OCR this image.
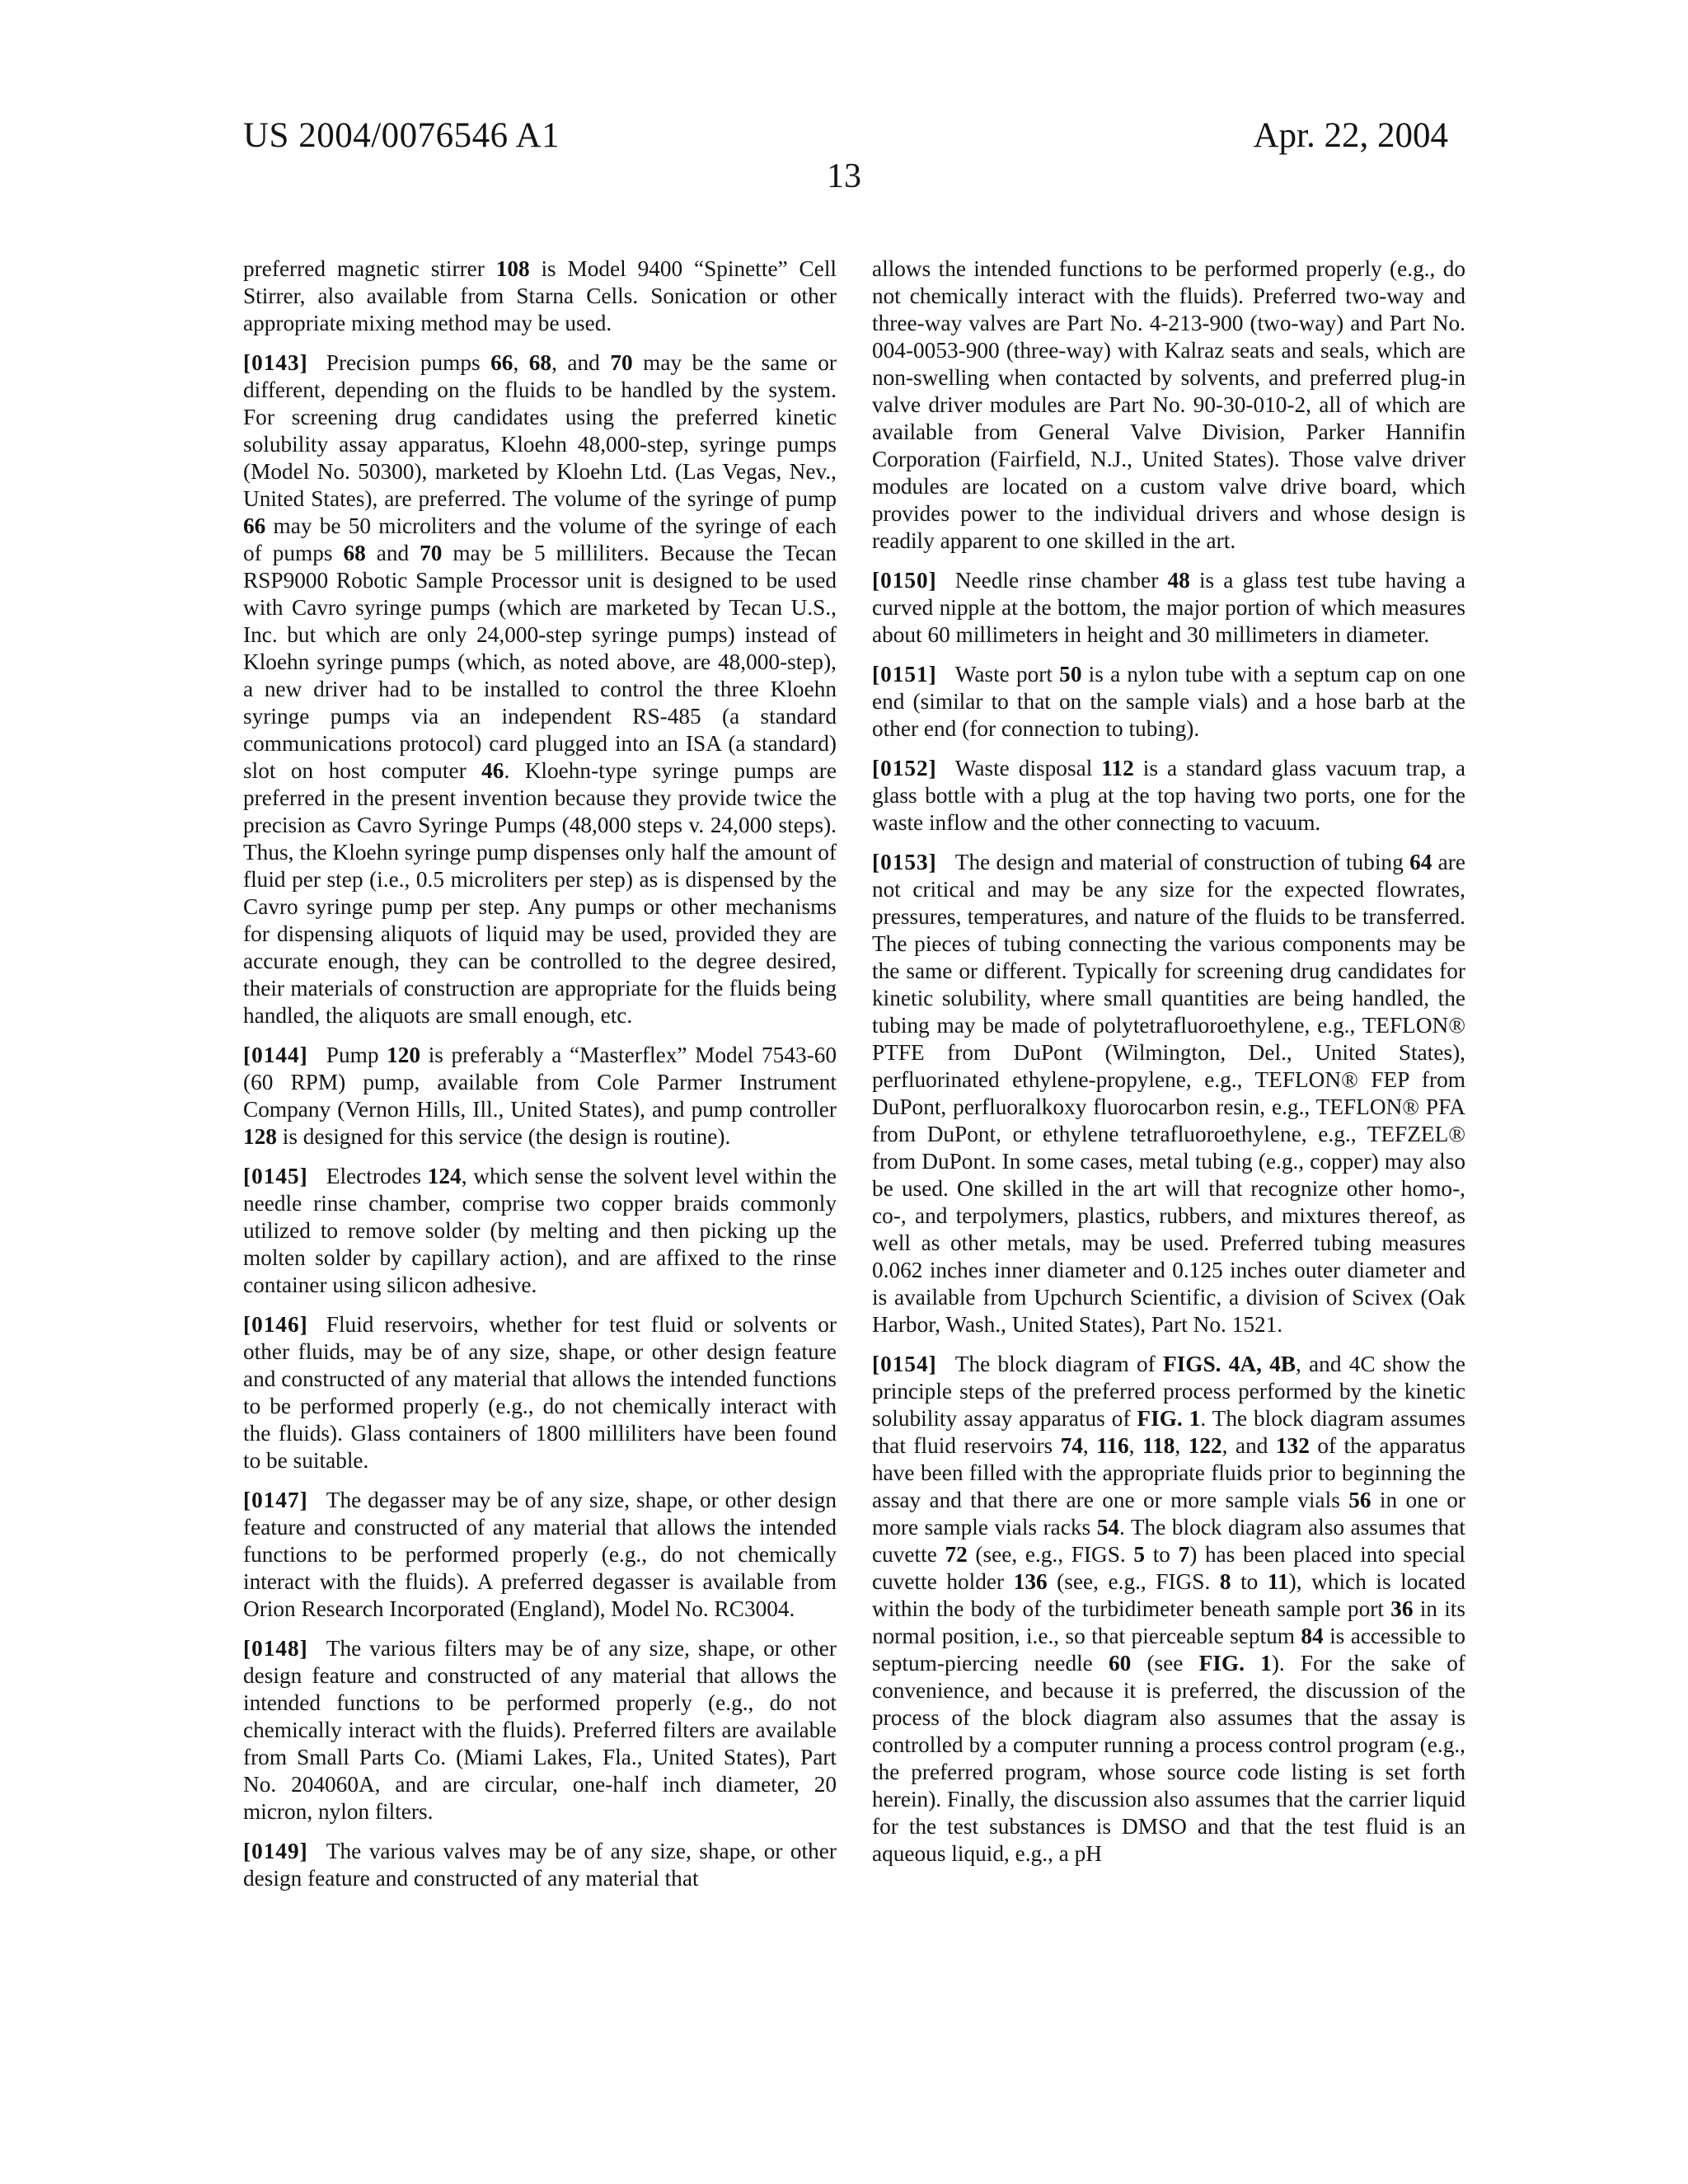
US 2004/0076546 A1	Apr. 22, 2004
13

preferred magnetic stirrer 108 is Model 9400 “Spinette” Cell Stirrer, also available from Starna Cells. Sonication or other appropriate mixing method may be used.

[0143] Precision pumps 66, 68, and 70 may be the same or different, depending on the fluids to be handled by the system. For screening drug candidates using the preferred kinetic solubility assay apparatus, Kloehn 48,000-step, syringe pumps (Model No. 50300), marketed by Kloehn Ltd. (Las Vegas, Nev., United States), are preferred. The volume of the syringe of pump 66 may be 50 microliters and the volume of the syringe of each of pumps 68 and 70 may be 5 milliliters. Because the Tecan RSP9000 Robotic Sample Processor unit is designed to be used with Cavro syringe pumps (which are marketed by Tecan U.S., Inc. but which are only 24,000-step syringe pumps) instead of Kloehn syringe pumps (which, as noted above, are 48,000-step), a new driver had to be installed to control the three Kloehn syringe pumps via an independent RS-485 (a standard communications protocol) card plugged into an ISA (a standard) slot on host computer 46. Kloehn-type syringe pumps are preferred in the present invention because they provide twice the precision as Cavro Syringe Pumps (48,000 steps v. 24,000 steps). Thus, the Kloehn syringe pump dispenses only half the amount of fluid per step (i.e., 0.5 microliters per step) as is dispensed by the Cavro syringe pump per step. Any pumps or other mechanisms for dispensing aliquots of liquid may be used, provided they are accurate enough, they can be controlled to the degree desired, their materials of construction are appropriate for the fluids being handled, the aliquots are small enough, etc.

[0144] Pump 120 is preferably a “Masterflex” Model 7543-60 (60 RPM) pump, available from Cole Parmer Instrument Company (Vernon Hills, Ill., United States), and pump controller 128 is designed for this service (the design is routine).

[0145] Electrodes 124, which sense the solvent level within the needle rinse chamber, comprise two copper braids commonly utilized to remove solder (by melting and then picking up the molten solder by capillary action), and are affixed to the rinse container using silicon adhesive.

[0146] Fluid reservoirs, whether for test fluid or solvents or other fluids, may be of any size, shape, or other design feature and constructed of any material that allows the intended functions to be performed properly (e.g., do not chemically interact with the fluids). Glass containers of 1800 milliliters have been found to be suitable.

[0147] The degasser may be of any size, shape, or other design feature and constructed of any material that allows the intended functions to be performed properly (e.g., do not chemically interact with the fluids). A preferred degasser is available from Orion Research Incorporated (England), Model No. RC3004.

[0148] The various filters may be of any size, shape, or other design feature and constructed of any material that allows the intended functions to be performed properly (e.g., do not chemically interact with the fluids). Preferred filters are available from Small Parts Co. (Miami Lakes, Fla., United States), Part No. 204060A, and are circular, one-half inch diameter, 20 micron, nylon filters.

[0149] The various valves may be of any size, shape, or other design feature and constructed of any material that

allows the intended functions to be performed properly (e.g., do not chemically interact with the fluids). Preferred two-way and three-way valves are Part No. 4-213-900 (two-way) and Part No. 004-0053-900 (three-way) with Kalraz seats and seals, which are non-swelling when contacted by solvents, and preferred plug-in valve driver modules are Part No. 90-30-010-2, all of which are available from General Valve Division, Parker Hannifin Corporation (Fairfield, N.J., United States). Those valve driver modules are located on a custom valve drive board, which provides power to the individual drivers and whose design is readily apparent to one skilled in the art.

[0150] Needle rinse chamber 48 is a glass test tube having a curved nipple at the bottom, the major portion of which measures about 60 millimeters in height and 30 millimeters in diameter.

[0151] Waste port 50 is a nylon tube with a septum cap on one end (similar to that on the sample vials) and a hose barb at the other end (for connection to tubing).

[0152] Waste disposal 112 is a standard glass vacuum trap, a glass bottle with a plug at the top having two ports, one for the waste inflow and the other connecting to vacuum.

[0153] The design and material of construction of tubing 64 are not critical and may be any size for the expected flowrates, pressures, temperatures, and nature of the fluids to be transferred. The pieces of tubing connecting the various components may be the same or different. Typically for screening drug candidates for kinetic solubility, where small quantities are being handled, the tubing may be made of polytetrafluoroethylene, e.g., TEFLON® PTFE from DuPont (Wilmington, Del., United States), perfluorinated ethylene-propylene, e.g., TEFLON® FEP from DuPont, perfluoralkoxy fluorocarbon resin, e.g., TEFLON® PFA from DuPont, or ethylene tetrafluoroethylene, e.g., TEFZEL® from DuPont. In some cases, metal tubing (e.g., copper) may also be used. One skilled in the art will that recognize other homo-, co-, and terpolymers, plastics, rubbers, and mixtures thereof, as well as other metals, may be used. Preferred tubing measures 0.062 inches inner diameter and 0.125 inches outer diameter and is available from Upchurch Scientific, a division of Scivex (Oak Harbor, Wash., United States), Part No. 1521.

[0154] The block diagram of FIGS. 4A, 4B, and 4C show the principle steps of the preferred process performed by the kinetic solubility assay apparatus of FIG. 1. The block diagram assumes that fluid reservoirs 74, 116, 118, 122, and 132 of the apparatus have been filled with the appropriate fluids prior to beginning the assay and that there are one or more sample vials 56 in one or more sample vials racks 54. The block diagram also assumes that cuvette 72 (see, e.g., FIGS. 5 to 7) has been placed into special cuvette holder 136 (see, e.g., FIGS. 8 to 11), which is located within the body of the turbidimeter beneath sample port 36 in its normal position, i.e., so that pierceable septum 84 is accessible to septum-piercing needle 60 (see FIG. 1). For the sake of convenience, and because it is preferred, the discussion of the process of the block diagram also assumes that the assay is controlled by a computer running a process control program (e.g., the preferred program, whose source code listing is set forth herein). Finally, the discussion also assumes that the carrier liquid for the test substances is DMSO and that the test fluid is an aqueous liquid, e.g., a pH
